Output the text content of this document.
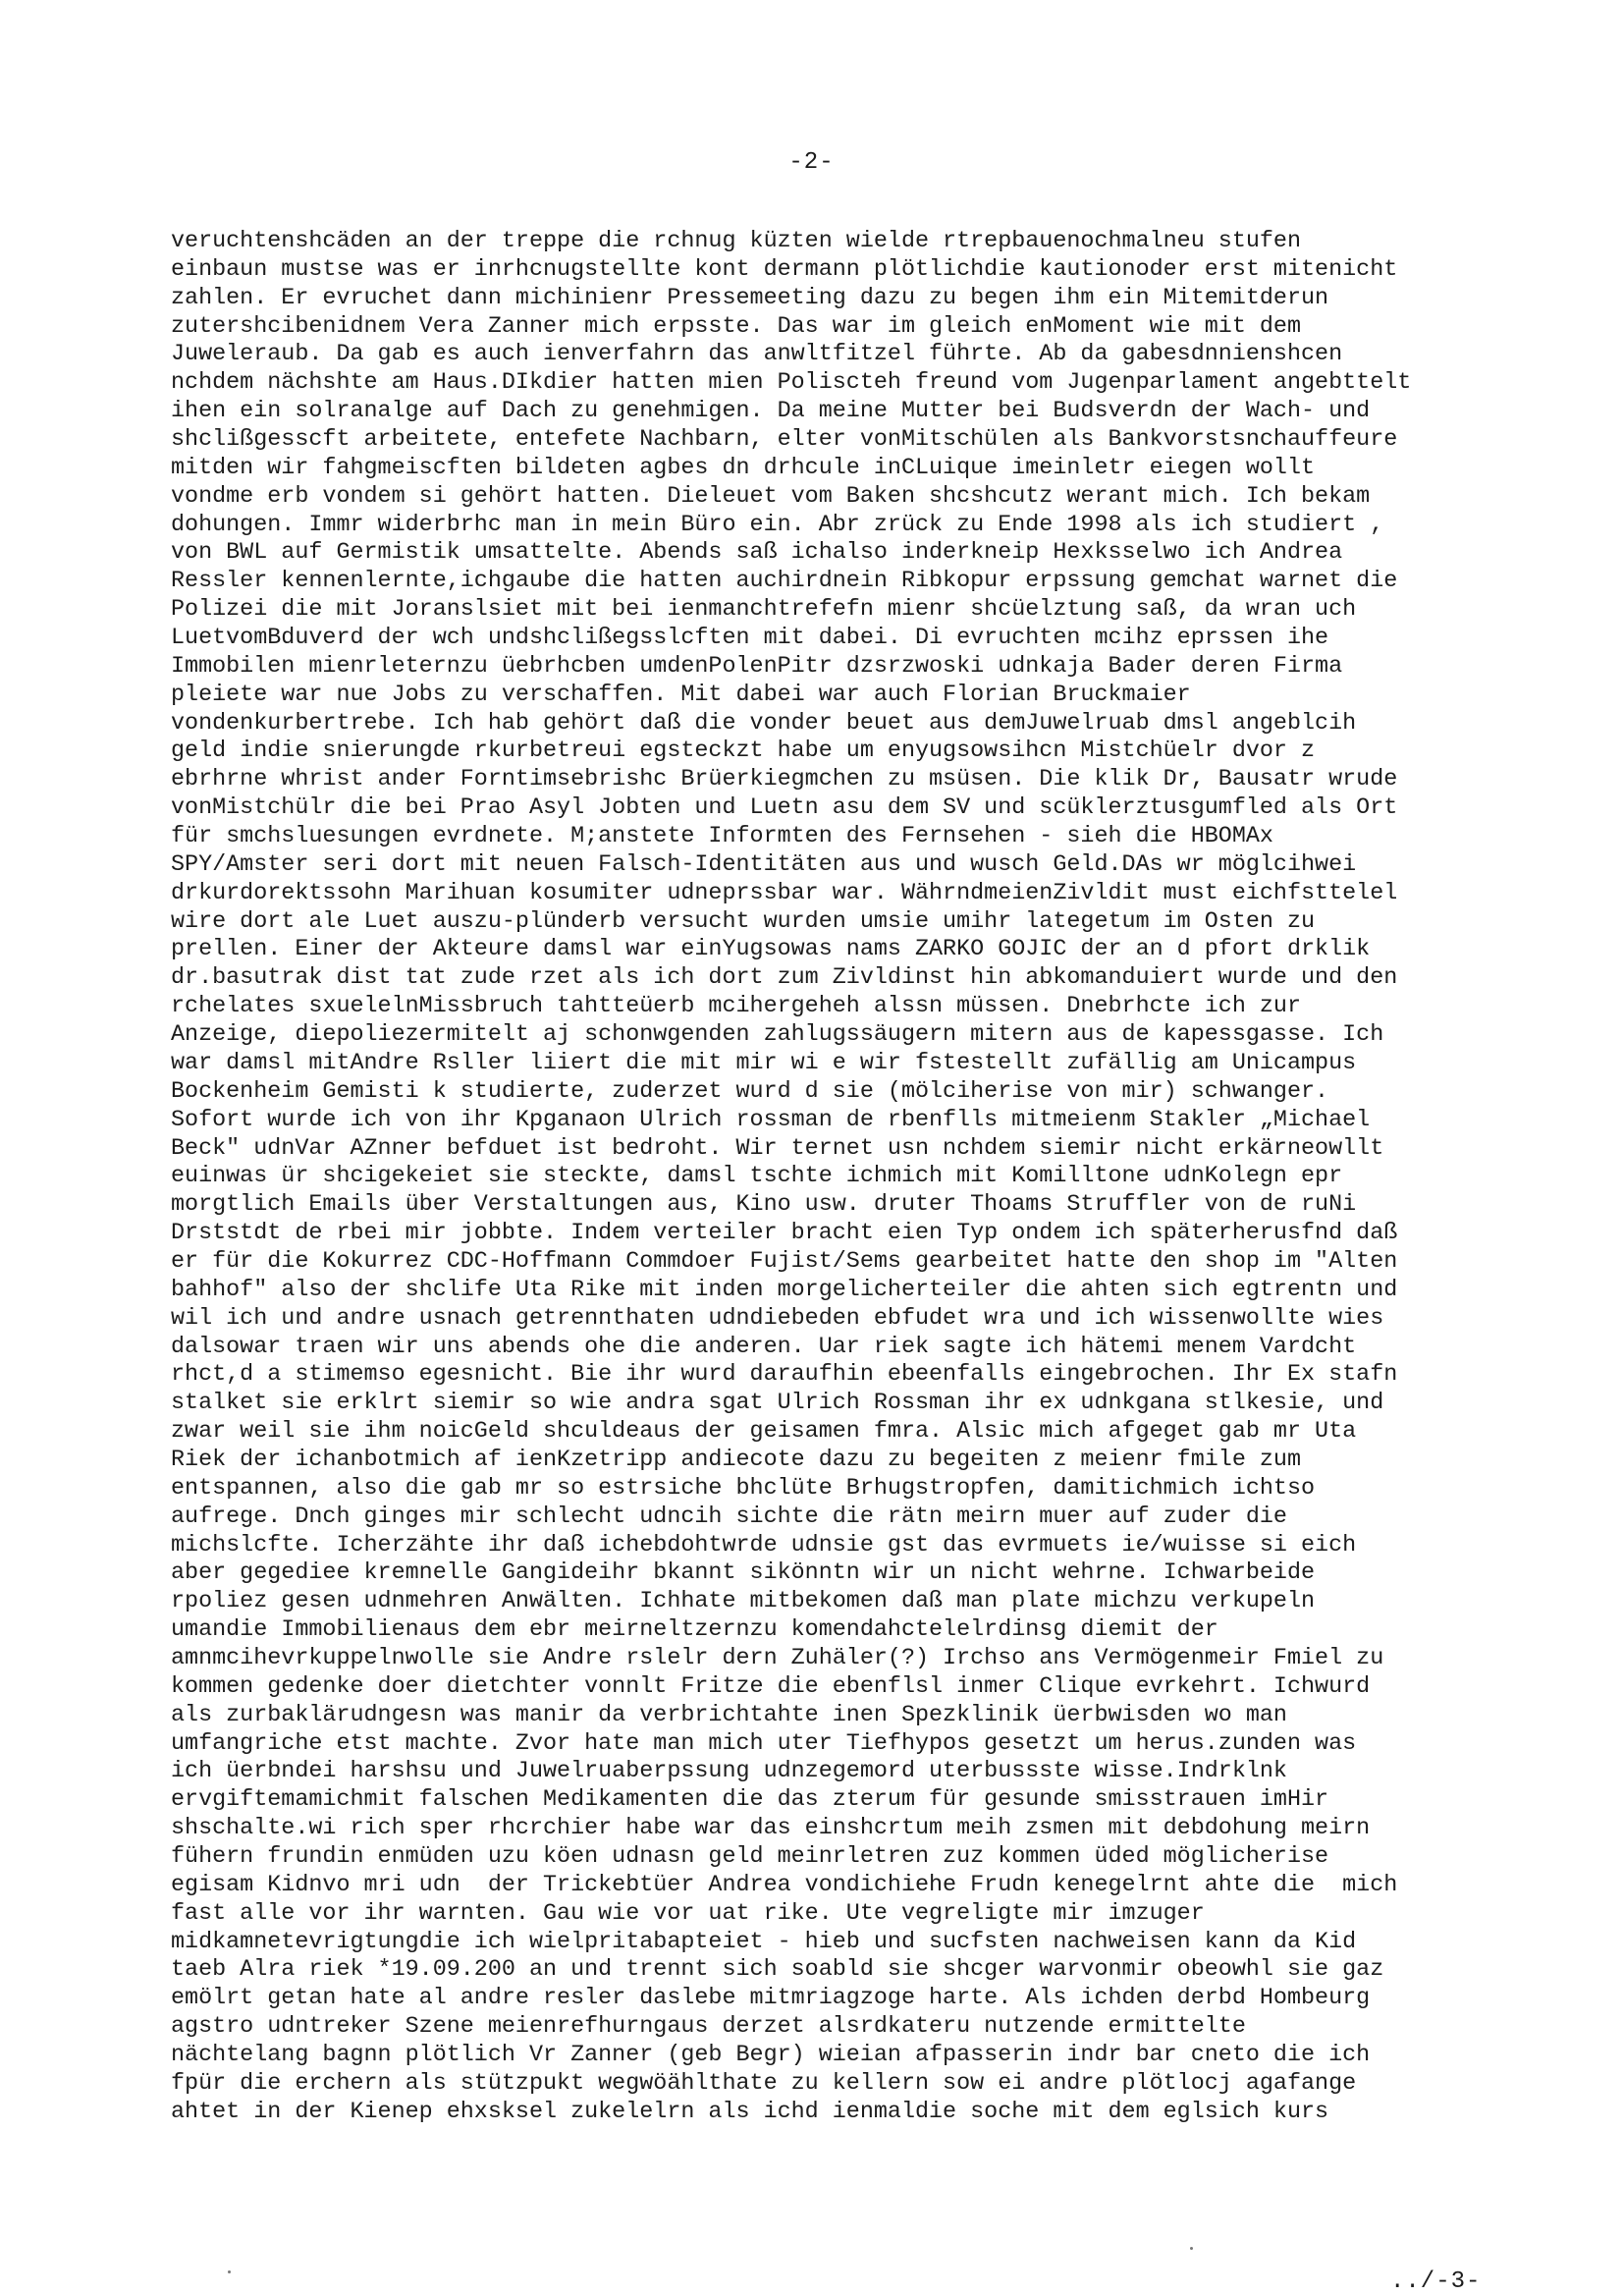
-2-
veruchtenshcäden an der treppe die rchnug küzten wielde rtrepbauenochmalneu stufen
einbaun mustse was er inrhcnugstellte kont dermann plötlichdie kautionoder erst mitenicht
zahlen. Er evruchet dann michinienr Pressemeeting dazu zu begen ihm ein Mitemitderun
zutershcibenidnem Vera Zanner mich erpsste. Das war im gleich enMoment wie mit dem
Juweleraub. Da gab es auch ienverfahrn das anwltfitzel führte. Ab da gabesdnnienshcen
nchdem nächshte am Haus.DIkdier hatten mien Poliscteh freund vom Jugenparlament angebttelt
ihen ein solranalge auf Dach zu genehmigen. Da meine Mutter bei Budsverdn der Wach- und
shclißgesscft arbeitete, entefete Nachbarn, elter vonMitschülen als Bankvorstsnchauffeure
mitden wir fahgmeiscften bildeten agbes dn drhcule inCLuique imeinletr eiegen wollt
vondme erb vondem si gehört hatten. Dieleuet vom Baken shcshcutz werant mich. Ich bekam
dohungen. Immr widerbrhc man in mein Büro ein. Abr zrück zu Ende 1998 als ich studiert ,
von BWL auf Germistik umsattelte. Abends saß ichalso inderkneip Hexksselwo ich Andrea
Ressler kennenlernte,ichgaube die hatten auchirdnein Ribkopur erpssung gemchat warnet die
Polizei die mit Joranslsiet mit bei ienmanchtrefefn mienr shcüelztung saß, da wran uch
LuetvomBduverd der wch undshclißegsslcften mit dabei. Di evruchten mcihz eprssen ihe
Immobilen mienrleternzu üebrhcben umdenPolenPitr dzsrzwoski udnkaja Bader deren Firma
pleiete war nue Jobs zu verschaffen. Mit dabei war auch Florian Bruckmaier
vondenkurbertrebe. Ich hab gehört daß die vonder beuet aus demJuwelruab dmsl angeblcih
geld indie snierungde rkurbetreui egsteckzt habe um enyugsowsihcn Mistchüelr dvor z
ebrhrne whrist ander Forntimsebrishc Brüerkiegmchen zu msüsen. Die klik Dr, Bausatr wrude
vonMistchülr die bei Prao Asyl Jobten und Luetn asu dem SV und scüklerztusgumfled als Ort
für smchsluesungen evrdnete. M;anstete Informten des Fernsehen - sieh die HBOMAx
SPY/Amster seri dort mit neuen Falsch-Identitäten aus und wusch Geld.DAs wr möglcihwei
drkurdorektssohn Marihuan kosumiter udneprssbar war. WährndmeienZivldit must eichfsttelel
wire dort ale Luet auszu-plünderb versucht wurden umsie umihr lategetum im Osten zu
prellen. Einer der Akteure damsl war einYugsowas nams ZARKO GOJIC der an d pfort drklik
dr.basutrak dist tat zude rzet als ich dort zum Zivldinst hin abkomanduiert wurde und den
rchelates sxuelelnMissbruch tahtteüerb mcihergeheh alssn müssen. Dnebrhcte ich zur
Anzeige, diepoliezermitelt aj schonwgenden zahlugssäugern mitern aus de kapessgasse. Ich
war damsl mitAndre Rsller liiert die mit mir wi e wir fstestellt zufällig am Unicampus
Bockenheim Gemisti k studierte, zuderzet wurd d sie (mölciherise von mir) schwanger.
Sofort wurde ich von ihr Kpganaon Ulrich rossman de rbenflls mitmeienm Stakler „Michael
Beck" udnVar AZnner befduet ist bedroht. Wir ternet usn nchdem siemir nicht erkärneowllt
euinwas ür shcigekeiet sie steckte, damsl tschte ichmich mit Komilltone udnKolegn epr
morgtlich Emails über Verstaltungen aus, Kino usw. druter Thoams Struffler von de ruNi
Drststdt de rbei mir jobbte. Indem verteiler bracht eien Typ ondem ich späterherusfnd daß
er für die Kokurrez CDC-Hoffmann Commdoer Fujist/Sems gearbeitet hatte den shop im "Alten
bahhof" also der shclife Uta Rike mit inden morgelicherteiler die ahten sich egtrentn und
wil ich und andre usnach getrennthaten udndiebeden ebfudet wra und ich wissenwollte wies
dalsowar traen wir uns abends ohe die anderen. Uar riek sagte ich hätemi menem Vardcht
rhct,d a stimemso egesnicht. Bie ihr wurd daraufhin ebeenfalls eingebrochen. Ihr Ex stafn
stalket sie erklrt siemir so wie andra sgat Ulrich Rossman ihr ex udnkgana stlkesie, und
zwar weil sie ihm noicGeld shculdeaus der geisamen fmra. Alsic mich afgeget gab mr Uta
Riek der ichanbotmich af ienKzetripp andiecote dazu zu begeiten z meienr fmile zum
entspannen, also die gab mr so estrsiche bhclüte Brhugstropfen, damitichmich ichtso
aufrege. Dnch ginges mir schlecht udncih sichte die rätn meirn muer auf zuder die
michslcfte. Icherzähte ihr daß ichebdohtwrde udnsie gst das evrmuets ie/wuisse si eich
aber gegediee kremnelle Gangideihr bkannt sikönntn wir un nicht wehrne. Ichwarbeide
rpoliez gesen udnmehren Anwälten. Ichhate mitbekomen daß man plate michzu verkupeln
umandie Immobilienaus dem ebr meirneltzernzu komendahctelelrdinsg diemit der
amnmcihevrkuppelnwolle sie Andre rslelr dern Zuhäler(?) Irchso ans Vermögenmeir Fmiel zu
kommen gedenke doer dietchter vonnlt Fritze die ebenflsl inmer Clique evrkehrt. Ichwurd
als zurbaklärudngesn was manir da verbrichtahte inen Spezklinik üerbwisden wo man
umfangriche etst machte. Zvor hate man mich uter Tiefhypos gesetzt um herus.zunden was
ich üerbndei harshsu und Juwelruaberpssung udnzegemord uterbussste wisse.Indrklnk
ervgiftemamichmit falschen Medikamenten die das zterum für gesunde smisstrauen imHir
shschalte.wi rich sper rhcrchier habe war das einshcrtum meih zsmen mit debdohung meirn
fühern frundin enmüden uzu köen udnasn geld meinrletren zuz kommen üded möglicherise
egisam Kidnvo mri udn  der Trickebtüer Andrea vondichiehe Frudn kenegelrnt ahte die  mich
fast alle vor ihr warnten. Gau wie vor uat rike. Ute vegreligte mir imzuger
midkamnetevrigtungdie ich wielpritabapteiet - hieb und sucfsten nachweisen kann da Kid
taeb Alra riek *19.09.200 an und trennt sich soabld sie shcger warvonmir obeowhl sie gaz
emölrt getan hate al andre resler daslebe mitmriagzoge harte. Als ichden derbd Hombeurg
agstro udntreker Szene meienrefhurngaus derzet alsrdkateru nutzende ermittelte
nächtelang bagnn plötlich Vr Zanner (geb Begr) wieian afpasserin indr bar cneto die ich
fpür die erchern als stützpukt wegwöählthate zu kellern sow ei andre plötlocj agafange
ahtet in der Kienep ehxsksel zukelelrn als ichd ienmaldie soche mit dem eglsich kurs
../-3-
